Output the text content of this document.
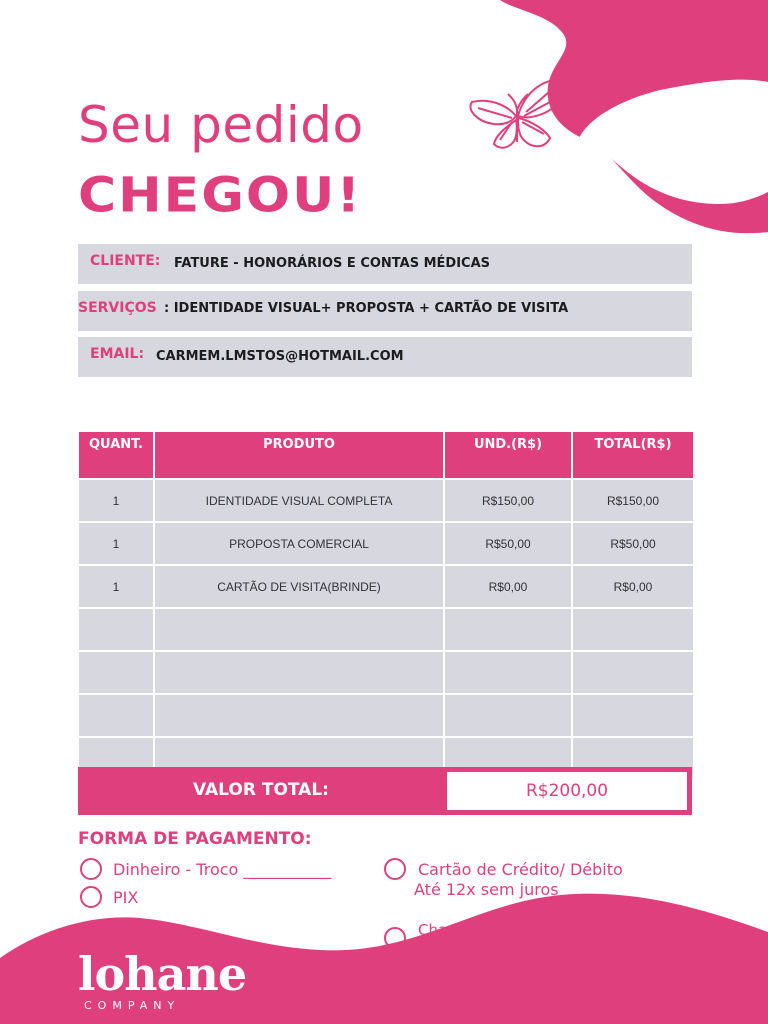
Seu pedido
CHEGOU!
CLIENTE: FATURE - HONORÁRIOS E CONTAS MÉDICAS
SERVIÇOS : IDENTIDADE VISUAL+ PROPOSTA + CARTÃO DE VISITA
EMAIL: CARMEM.LMSTOS@HOTMAIL.COM
QUANT.	PRODUTO	UND.(R$)	TOTAL(R$)
1	IDENTIDADE VISUAL COMPLETA	R$150,00	R$150,00
1	PROPOSTA COMERCIAL	R$50,00	R$50,00
1	CARTÃO DE VISITA(BRINDE)	R$0,00	R$0,00

VALOR TOTAL:	R$200,00
FORMA DE PAGAMENTO:
Dinheiro - Troco ___________
PIX
Cartão de Crédito/ Débito
Até 12x sem juros
Chave pix:
lohanesm@outlook.com
lohane
COMPANY
